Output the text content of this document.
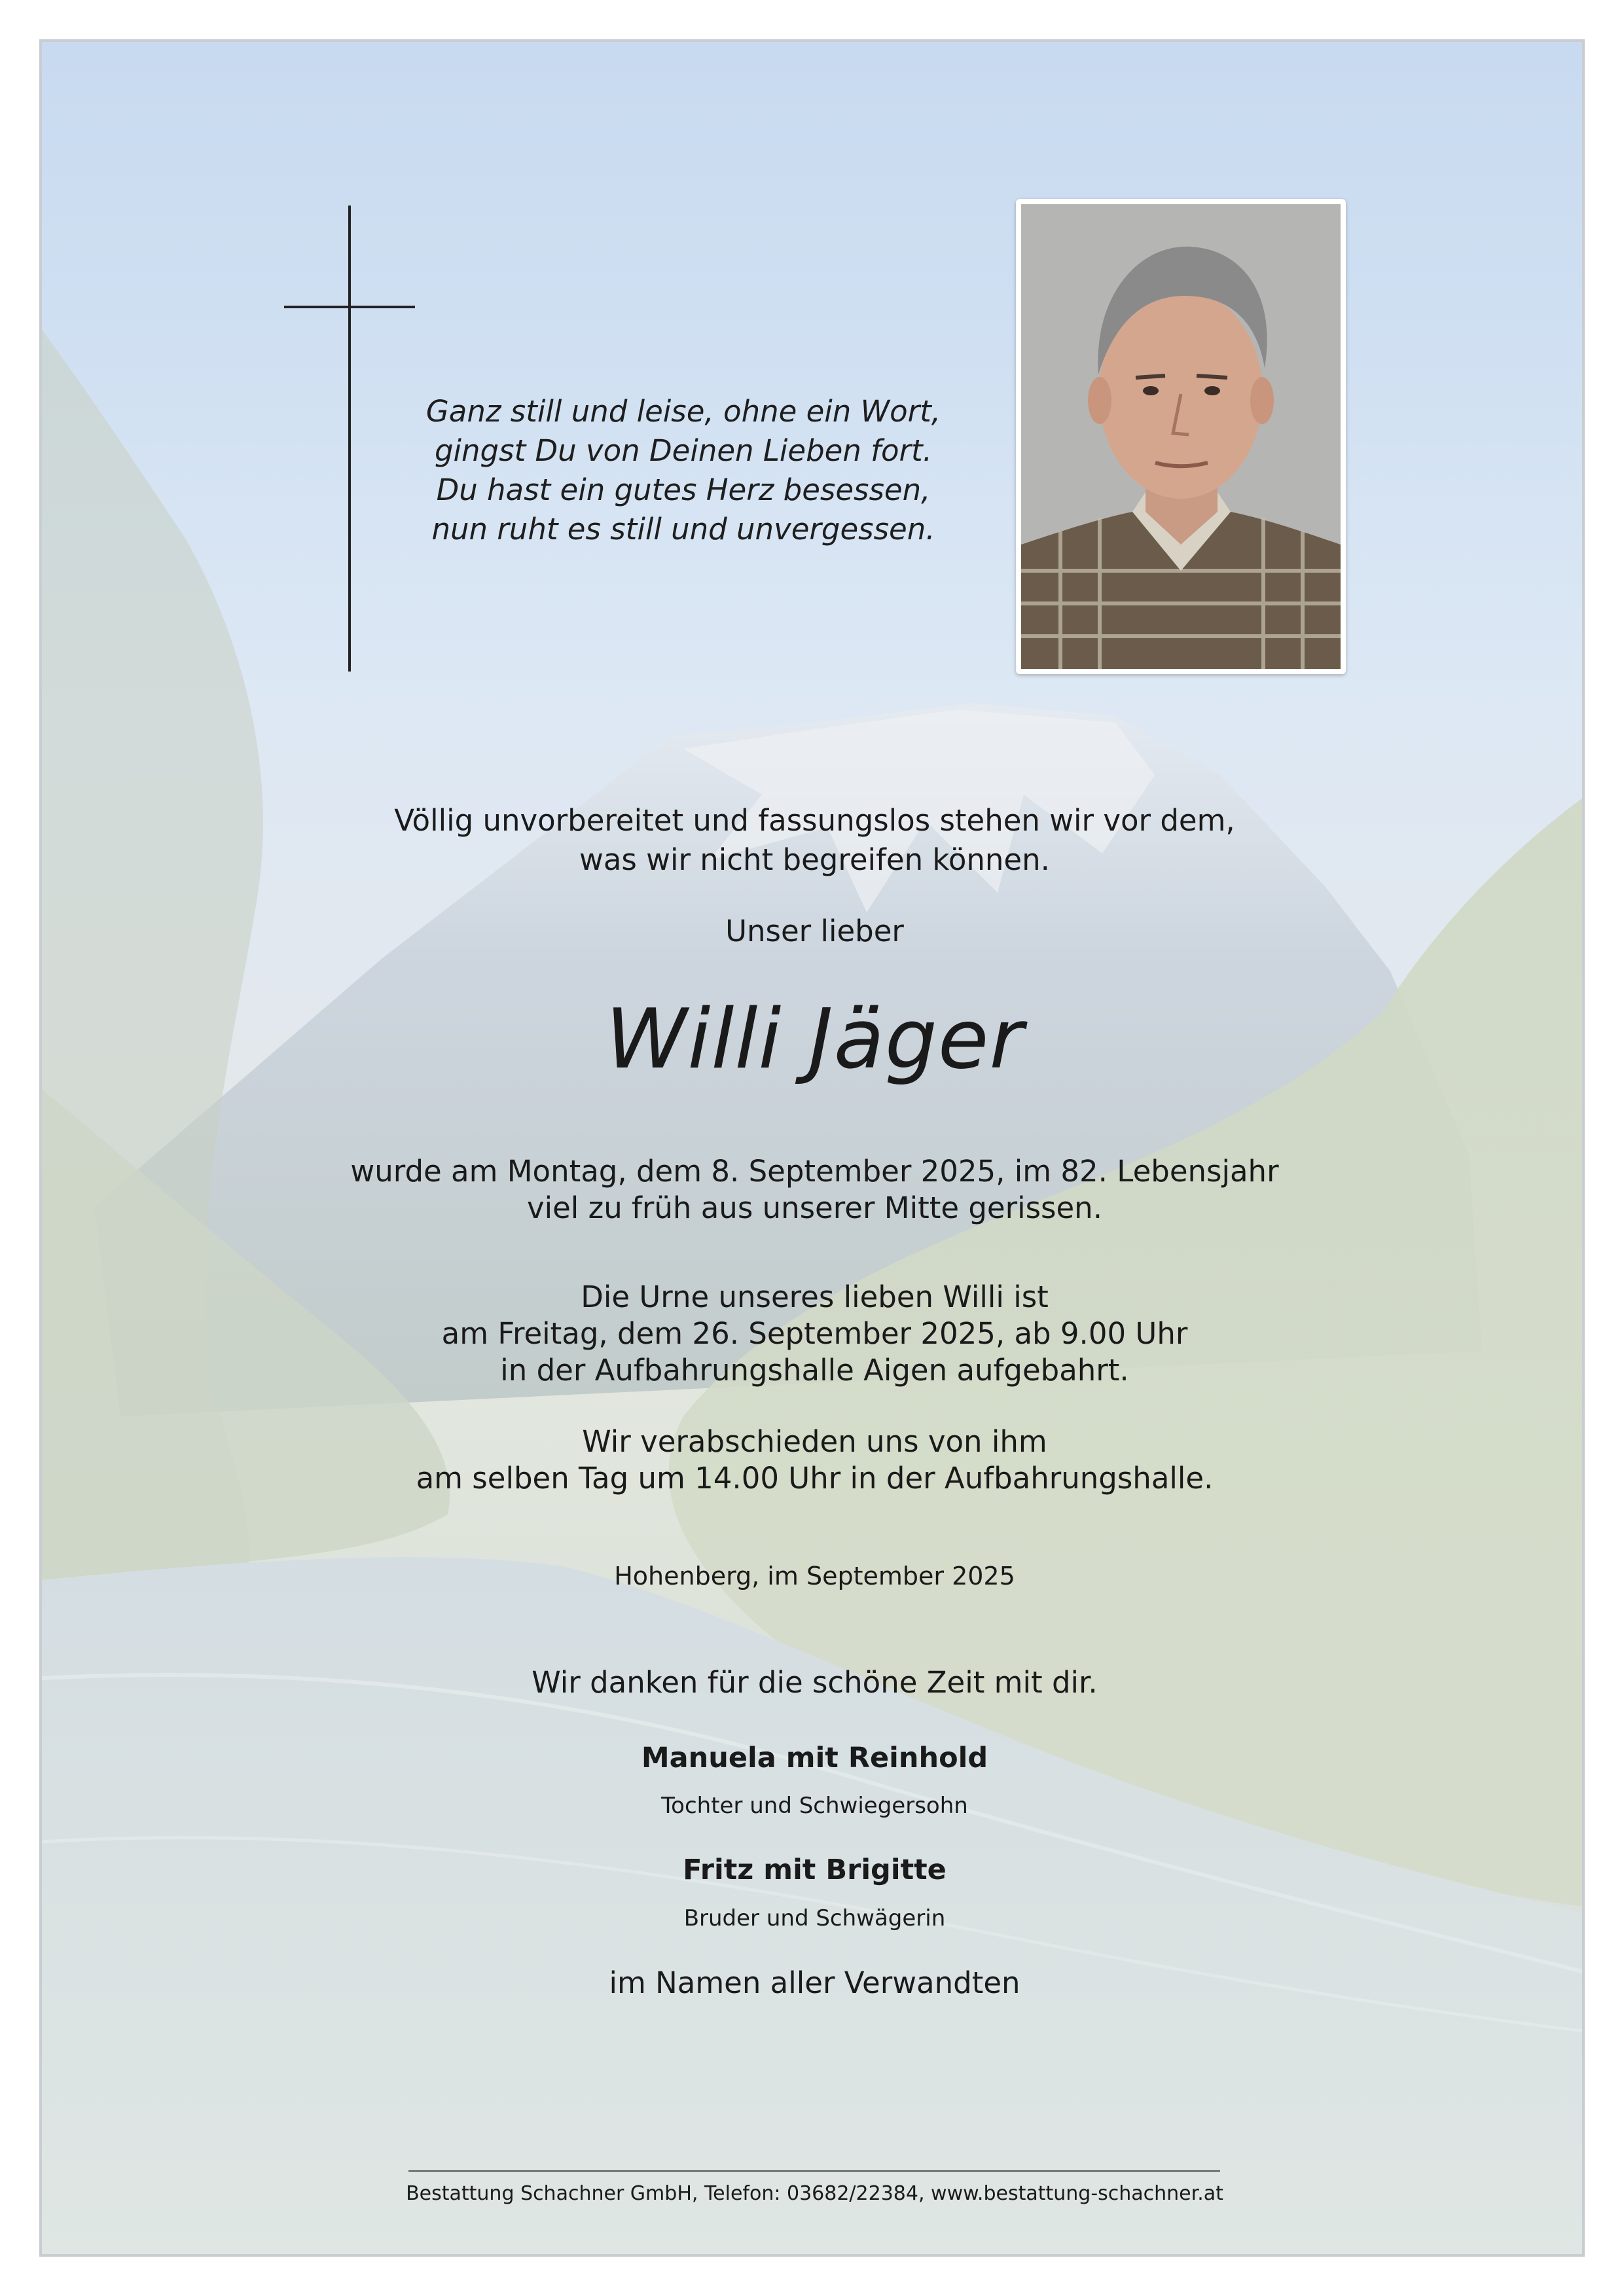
Ganz still und leise, ohne ein Wort,
gingst Du von Deinen Lieben fort.
Du hast ein gutes Herz besessen,
nun ruht es still und unvergessen.
Völlig unvorbereitet und fassungslos stehen wir vor dem,
was wir nicht begreifen können.
Unser lieber
Willi Jäger
wurde am Montag, dem 8. September 2025, im 82. Lebensjahr
viel zu früh aus unserer Mitte gerissen.
Die Urne unseres lieben Willi ist
am Freitag, dem 26. September 2025, ab 9.00 Uhr
in der Aufbahrungshalle Aigen aufgebahrt.
Wir verabschieden uns von ihm
am selben Tag um 14.00 Uhr in der Aufbahrungshalle.
Hohenberg, im September 2025
Wir danken für die schöne Zeit mit dir.
Manuela mit Reinhold
Tochter und Schwiegersohn
Fritz mit Brigitte
Bruder und Schwägerin
im Namen aller Verwandten
Bestattung Schachner GmbH, Telefon: 03682/22384, www.bestattung-schachner.at
